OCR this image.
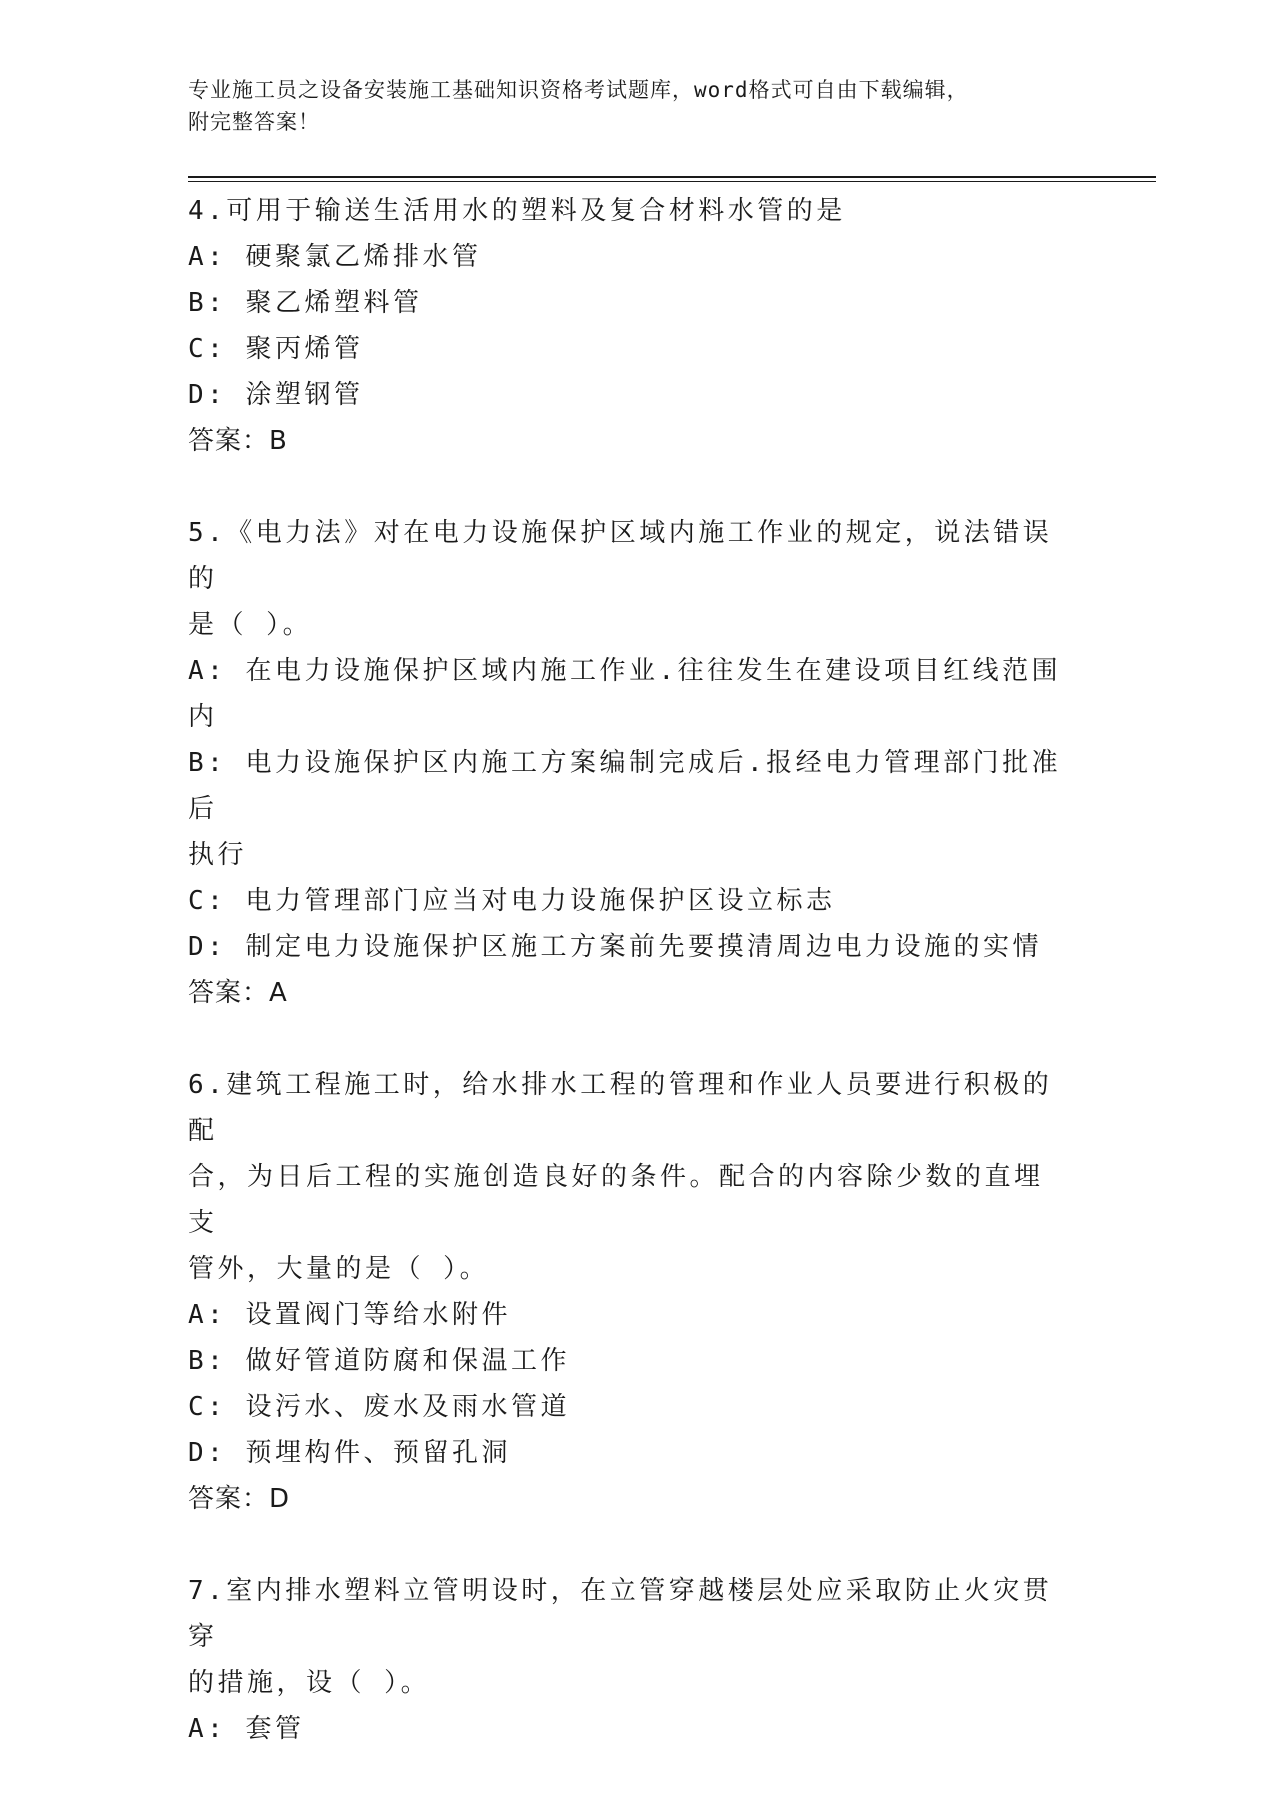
专业施工员之设备安装施工基础知识资格考试题库，word格式可自由下载编辑，
附完整答案！
4.可用于输送生活用水的塑料及复合材料水管的是
A: 硬聚氯乙烯排水管
B: 聚乙烯塑料管
C: 聚丙烯管
D: 涂塑钢管
答案：B
5.《电力法》对在电力设施保护区域内施工作业的规定，说法错误的
是（ ）。
A: 在电力设施保护区域内施工作业.往往发生在建设项目红线范围内
B: 电力设施保护区内施工方案编制完成后.报经电力管理部门批准后
执行
C: 电力管理部门应当对电力设施保护区设立标志
D: 制定电力设施保护区施工方案前先要摸清周边电力设施的实情
答案：A
6.建筑工程施工时，给水排水工程的管理和作业人员要进行积极的配
合，为日后工程的实施创造良好的条件。配合的内容除少数的直埋支
管外，大量的是（ ）。
A: 设置阀门等给水附件
B: 做好管道防腐和保温工作
C: 设污水、废水及雨水管道
D: 预埋构件、预留孔洞
答案：D
7.室内排水塑料立管明设时，在立管穿越楼层处应采取防止火灾贯穿
的措施，设（ ）。
A: 套管
